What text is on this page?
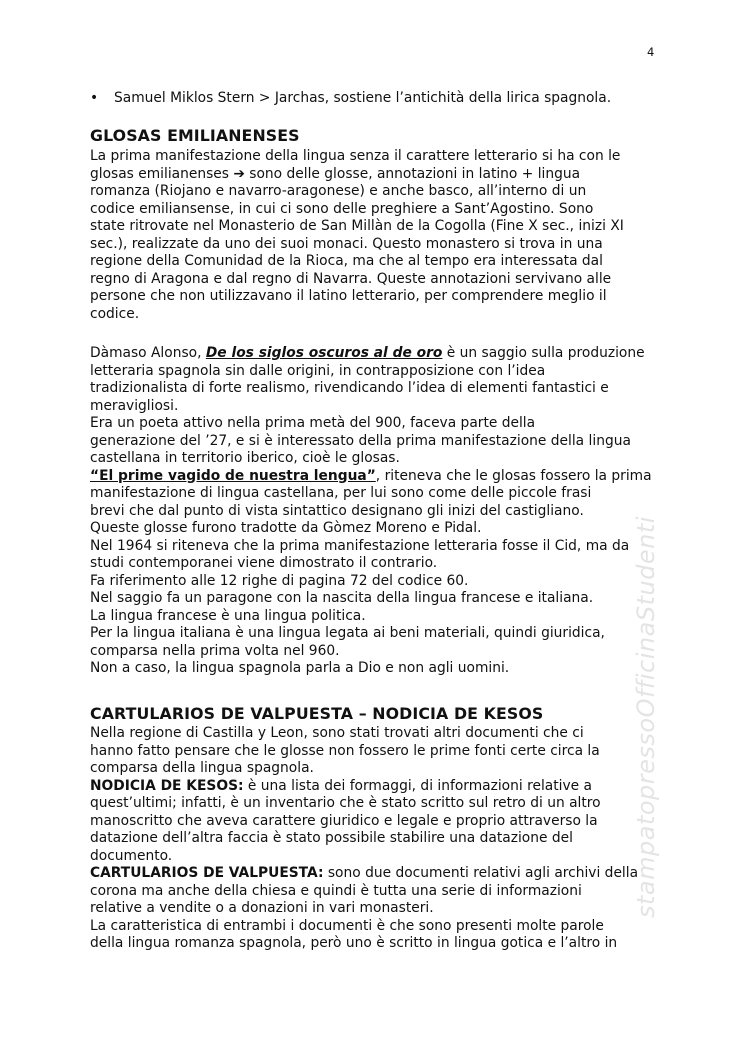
4
stampatopressoOfficinaStudenti
• Samuel Miklos Stern > Jarchas, sostiene l’antichità della lirica spagnola.
GLOSAS EMILIANENSES
La prima manifestazione della lingua senza il carattere letterario si ha con le
glosas emilianenses ➔ sono delle glosse, annotazioni in latino + lingua
romanza (Riojano e navarro-aragonese) e anche basco, all’interno di un
codice emiliansense, in cui ci sono delle preghiere a Sant’Agostino. Sono
state ritrovate nel Monasterio de San Millàn de la Cogolla (Fine X sec., inizi XI
sec.), realizzate da uno dei suoi monaci. Questo monastero si trova in una
regione della Comunidad de la Rioca, ma che al tempo era interessata dal
regno di Aragona e dal regno di Navarra. Queste annotazioni servivano alle
persone che non utilizzavano il latino letterario, per comprendere meglio il
codice.
Dàmaso Alonso, De los siglos oscuros al de oro è un saggio sulla produzione
letteraria spagnola sin dalle origini, in contrapposizione con l’idea
tradizionalista di forte realismo, rivendicando l’idea di elementi fantastici e
meravigliosi.
Era un poeta attivo nella prima metà del 900, faceva parte della
generazione del ’27, e si è interessato della prima manifestazione della lingua
castellana in territorio iberico, cioè le glosas.
“El prime vagido de nuestra lengua”, riteneva che le glosas fossero la prima
manifestazione di lingua castellana, per lui sono come delle piccole frasi
brevi che dal punto di vista sintattico designano gli inizi del castigliano.
Queste glosse furono tradotte da Gòmez Moreno e Pidal.
Nel 1964 si riteneva che la prima manifestazione letteraria fosse il Cid, ma da
studi contemporanei viene dimostrato il contrario.
Fa riferimento alle 12 righe di pagina 72 del codice 60.
Nel saggio fa un paragone con la nascita della lingua francese e italiana.
La lingua francese è una lingua politica.
Per la lingua italiana è una lingua legata ai beni materiali, quindi giuridica,
comparsa nella prima volta nel 960.
Non a caso, la lingua spagnola parla a Dio e non agli uomini.
CARTULARIOS DE VALPUESTA – NODICIA DE KESOS
Nella regione di Castilla y Leon, sono stati trovati altri documenti che ci
hanno fatto pensare che le glosse non fossero le prime fonti certe circa la
comparsa della lingua spagnola.
NODICIA DE KESOS: è una lista dei formaggi, di informazioni relative a
quest’ultimi; infatti, è un inventario che è stato scritto sul retro di un altro
manoscritto che aveva carattere giuridico e legale e proprio attraverso la
datazione dell’altra faccia è stato possibile stabilire una datazione del
documento.
CARTULARIOS DE VALPUESTA: sono due documenti relativi agli archivi della
corona ma anche della chiesa e quindi è tutta una serie di informazioni
relative a vendite o a donazioni in vari monasteri.
La caratteristica di entrambi i documenti è che sono presenti molte parole
della lingua romanza spagnola, però uno è scritto in lingua gotica e l’altro in
